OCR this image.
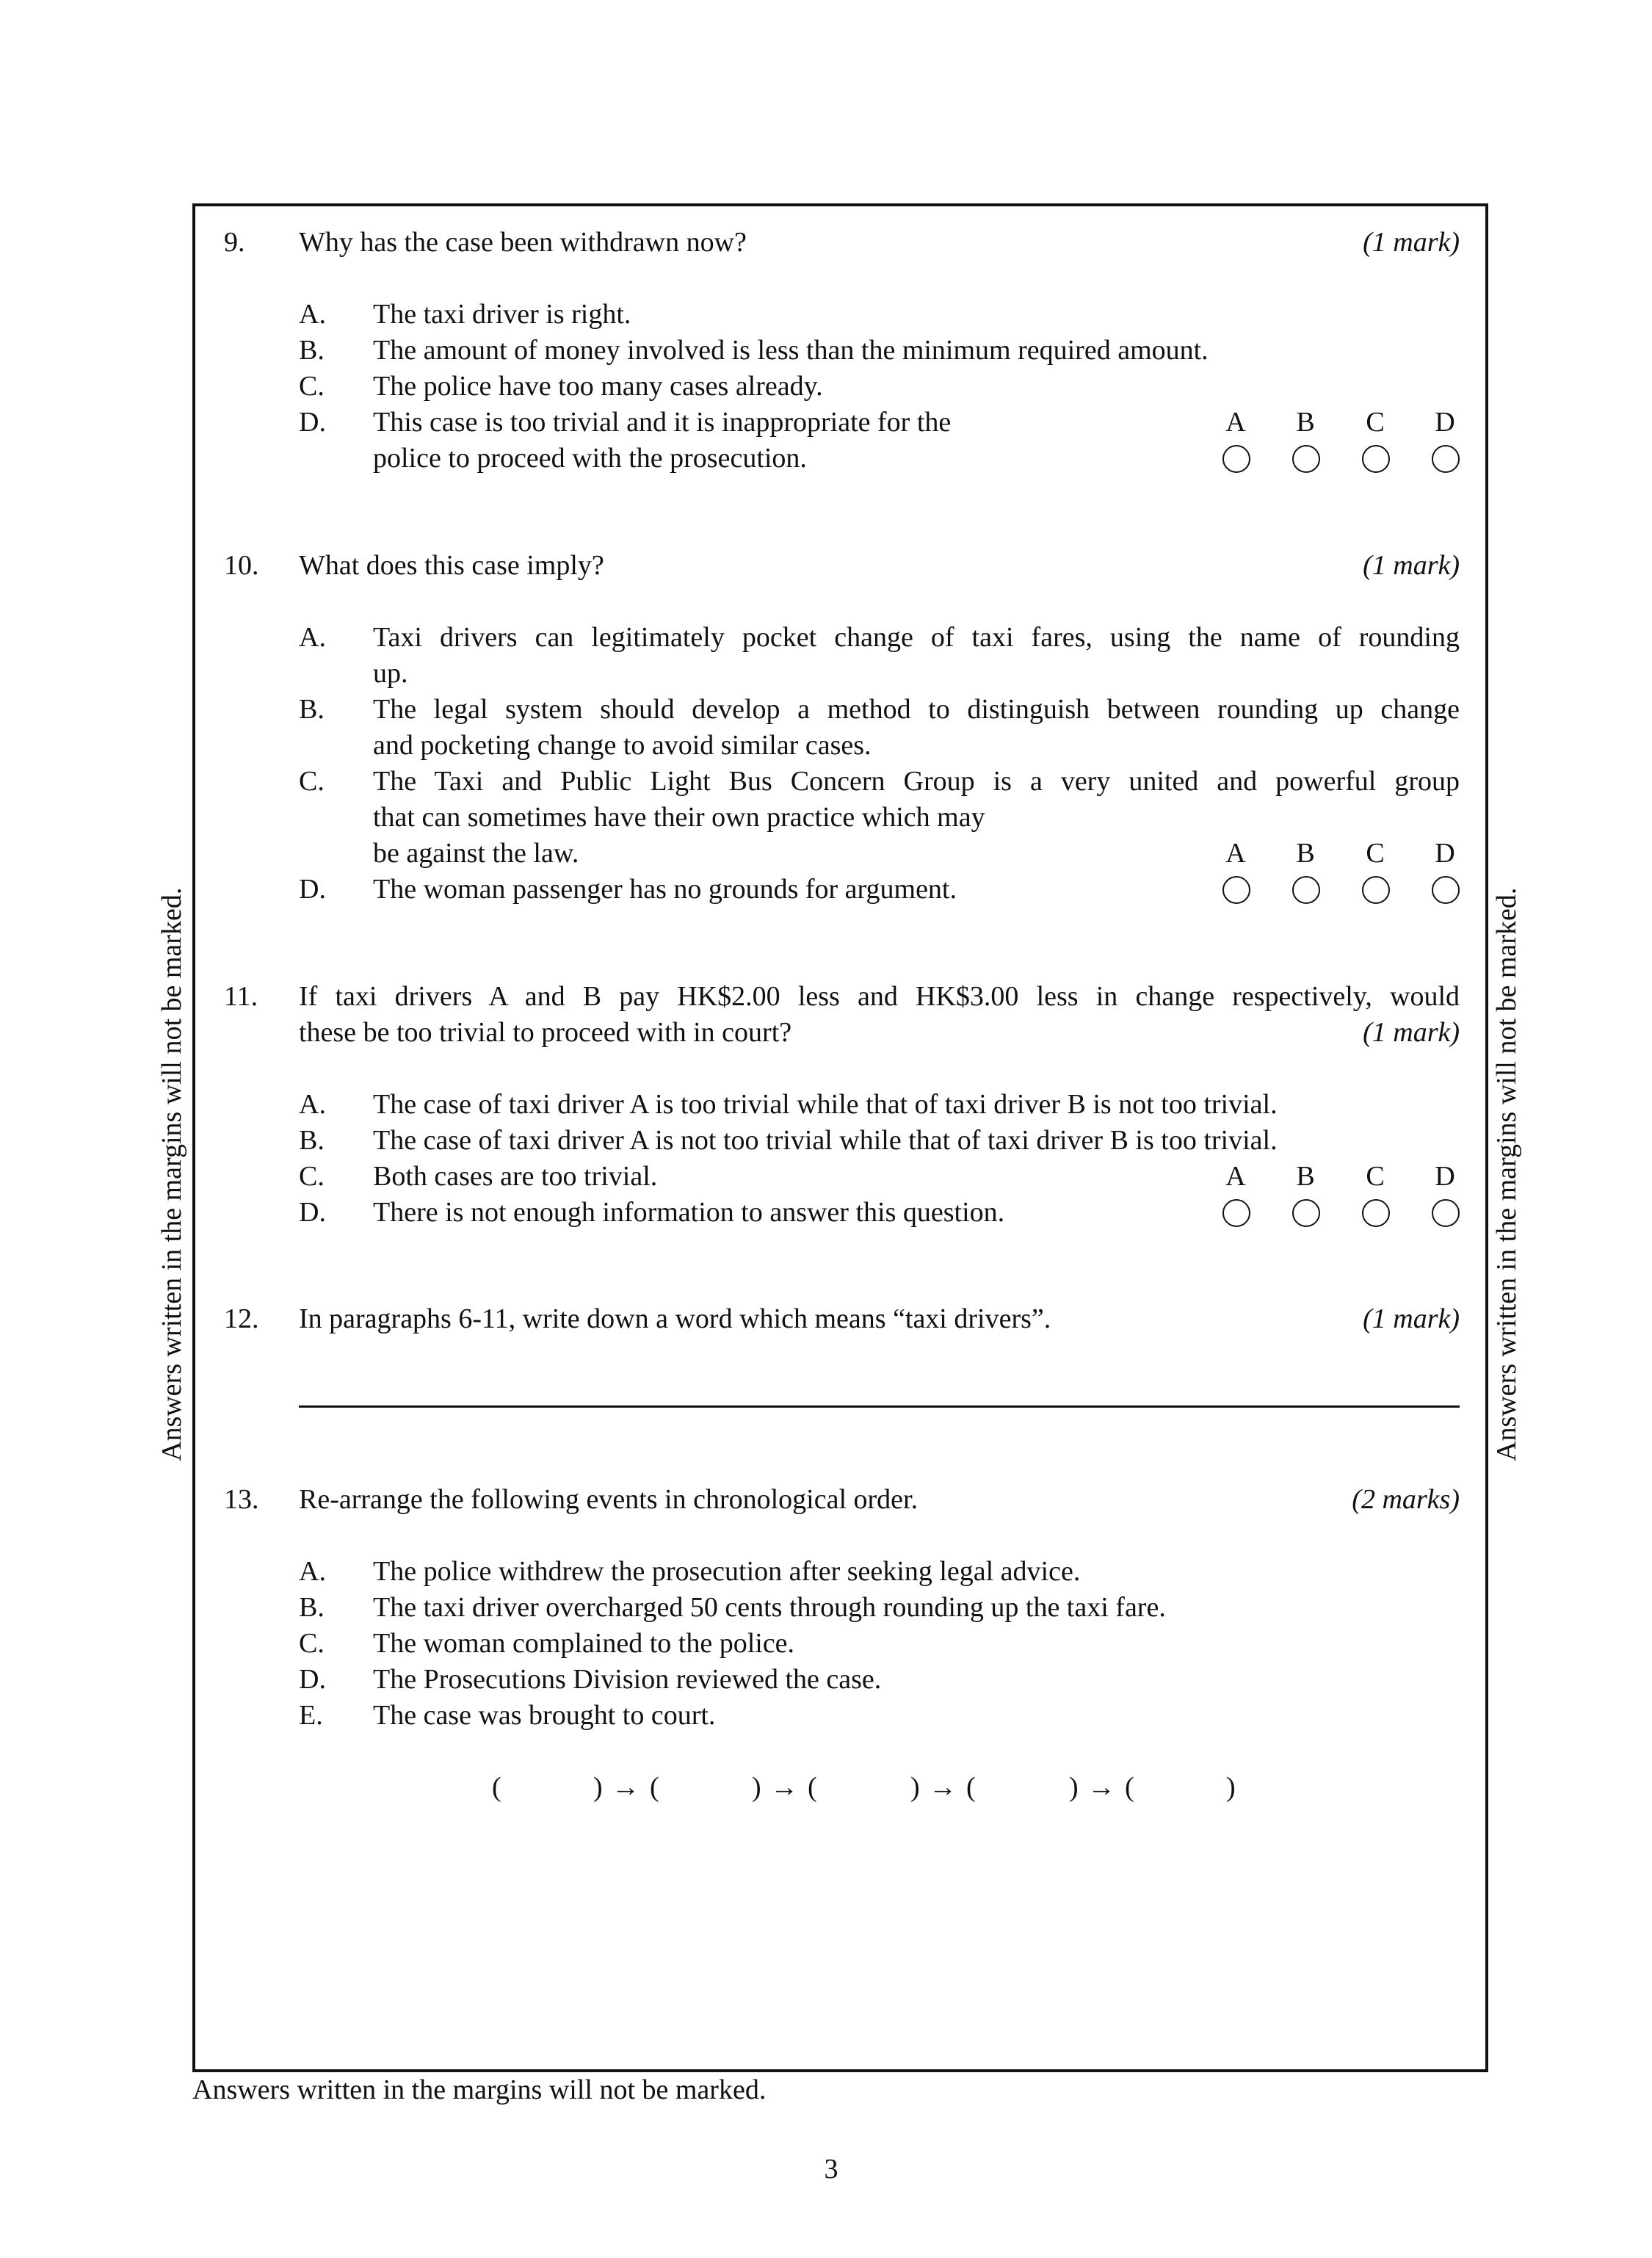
Answers written in the margins will not be marked.	Answers written in the margins will not be marked.
9. Why has the case been withdrawn now?	(1 mark)
A. The taxi driver is right.
B. The amount of money involved is less than the minimum required amount.
C. The police have too many cases already.
D. This case is too trivial and it is inappropriate for the
police to proceed with the prosecution.
A B C D
10. What does this case imply?	(1 mark)
A. Taxi drivers can legitimately pocket change of taxi fares, using the name of rounding
up.
B. The legal system should develop a method to distinguish between rounding up change
and pocketing change to avoid similar cases.
C. The Taxi and Public Light Bus Concern Group is a very united and powerful group
that can sometimes have their own practice which may
be against the law.
D. The woman passenger has no grounds for argument.
A B C D
11. If taxi drivers A and B pay HK$2.00 less and HK$3.00 less in change respectively, would
these be too trivial to proceed with in court?	(1 mark)
A. The case of taxi driver A is too trivial while that of taxi driver B is not too trivial.
B. The case of taxi driver A is not too trivial while that of taxi driver B is too trivial.
C. Both cases are too trivial.
D. There is not enough information to answer this question.
A B C D
12. In paragraphs 6-11, write down a word which means “taxi drivers”.	(1 mark)
13. Re-arrange the following events in chronological order.	(2 marks)
A. The police withdrew the prosecution after seeking legal advice.
B. The taxi driver overcharged 50 cents through rounding up the taxi fare.
C. The woman complained to the police.
D. The Prosecutions Division reviewed the case.
E. The case was brought to court.
(	) → (	) → (	) → (	) → (	)
Answers written in the margins will not be marked.
3
